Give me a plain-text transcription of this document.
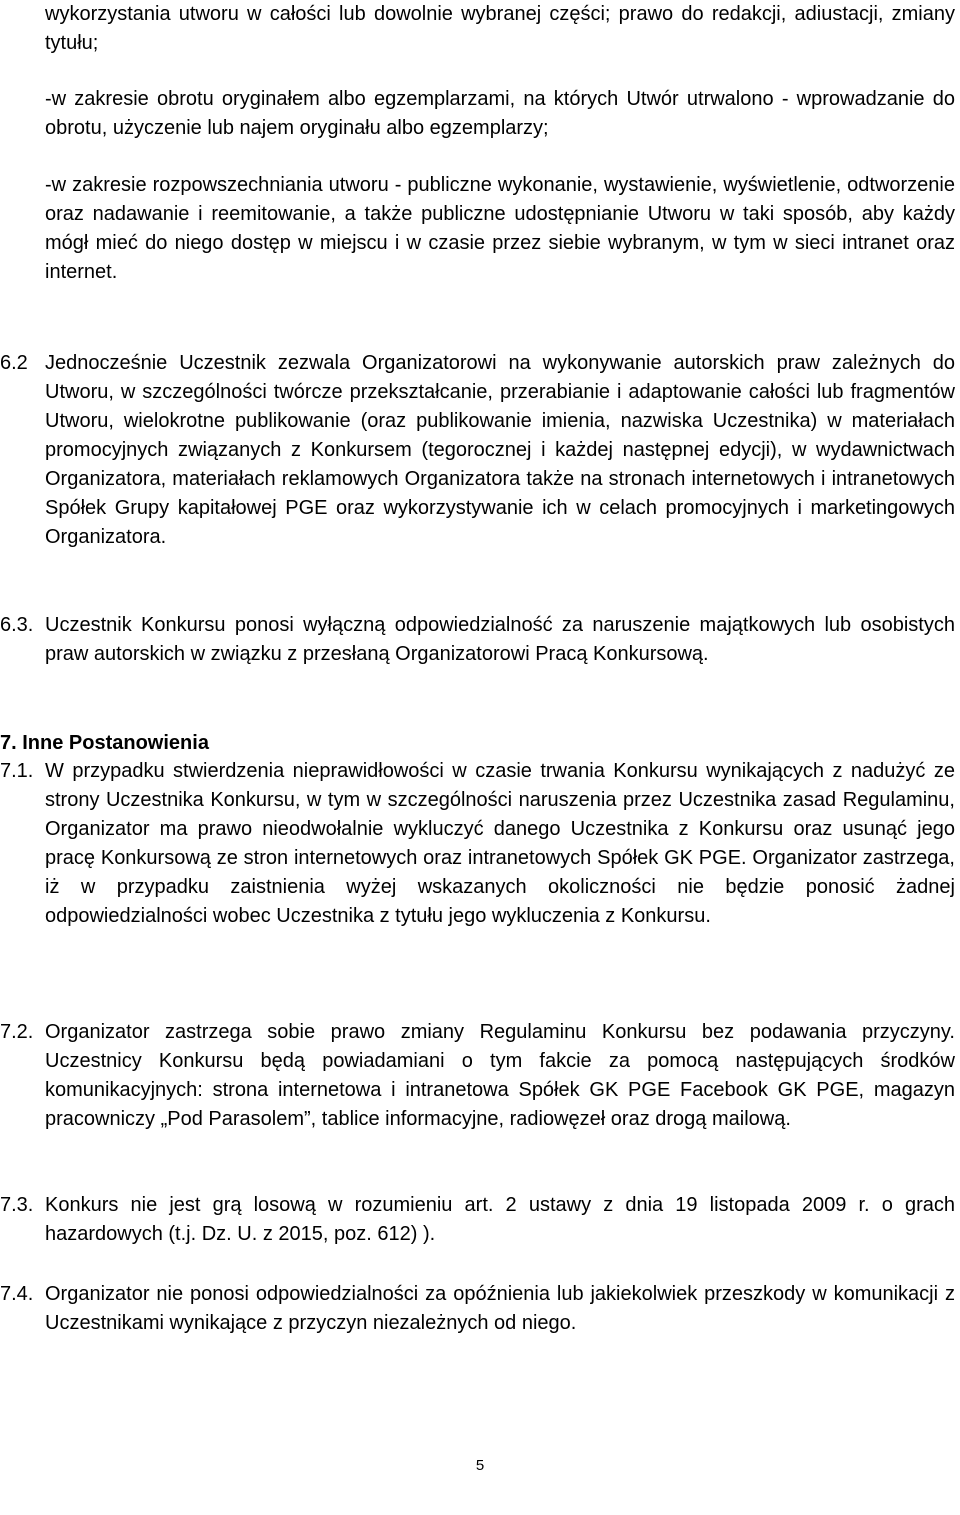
wykorzystania utworu w całości lub dowolnie wybranej części; prawo do redakcji, adiustacji, zmiany tytułu;

-w zakresie obrotu oryginałem albo egzemplarzami, na których Utwór utrwalono - wprowadzanie do obrotu, użyczenie lub najem oryginału albo egzemplarzy;

-w zakresie rozpowszechniania utworu - publiczne wykonanie, wystawienie, wyświetlenie, odtworzenie oraz nadawanie i reemitowanie, a także publiczne udostępnianie Utworu w taki sposób, aby każdy mógł mieć do niego dostęp w miejscu i w czasie przez siebie wybranym, w tym w sieci intranet oraz internet.

6.2 Jednocześnie Uczestnik zezwala Organizatorowi na wykonywanie autorskich praw zależnych do Utworu, w szczególności twórcze przekształcanie, przerabianie i adaptowanie całości lub fragmentów Utworu, wielokrotne publikowanie (oraz publikowanie imienia, nazwiska Uczestnika) w materiałach promocyjnych związanych z Konkursem (tegorocznej i każdej następnej edycji), w wydawnictwach Organizatora, materiałach reklamowych Organizatora także na stronach internetowych i intranetowych Spółek Grupy kapitałowej PGE oraz wykorzystywanie ich w celach promocyjnych i marketingowych Organizatora.
6.3. Uczestnik Konkursu ponosi wyłączną odpowiedzialność za naruszenie majątkowych lub osobistych praw autorskich w związku z przesłaną Organizatorowi Pracą Konkursową.
7. Inne Postanowienia
7.1. W przypadku stwierdzenia nieprawidłowości w czasie trwania Konkursu wynikających z nadużyć ze strony Uczestnika Konkursu, w tym w szczególności naruszenia przez Uczestnika zasad Regulaminu, Organizator ma prawo nieodwołalnie wykluczyć danego Uczestnika z Konkursu oraz usunąć jego pracę Konkursową ze stron internetowych oraz intranetowych Spółek GK PGE. Organizator zastrzega, iż w przypadku zaistnienia wyżej wskazanych okoliczności nie będzie ponosić żadnej odpowiedzialności wobec Uczestnika z tytułu jego wykluczenia z Konkursu.
7.2. Organizator zastrzega sobie prawo zmiany Regulaminu Konkursu bez podawania przyczyny. Uczestnicy Konkursu będą powiadamiani o tym fakcie za pomocą następujących środków komunikacyjnych: strona internetowa i intranetowa Spółek GK PGE Facebook GK PGE, magazyn pracowniczy „Pod Parasolem”, tablice informacyjne, radiowęzeł oraz drogą mailową.
7.3. Konkurs nie jest grą losową w rozumieniu art. 2 ustawy z dnia 19 listopada 2009 r. o grach hazardowych (t.j. Dz. U. z 2015, poz. 612) ).
7.4. Organizator nie ponosi odpowiedzialności za opóźnienia lub jakiekolwiek przeszkody w komunikacji z Uczestnikami wynikające z przyczyn niezależnych od niego.
5
